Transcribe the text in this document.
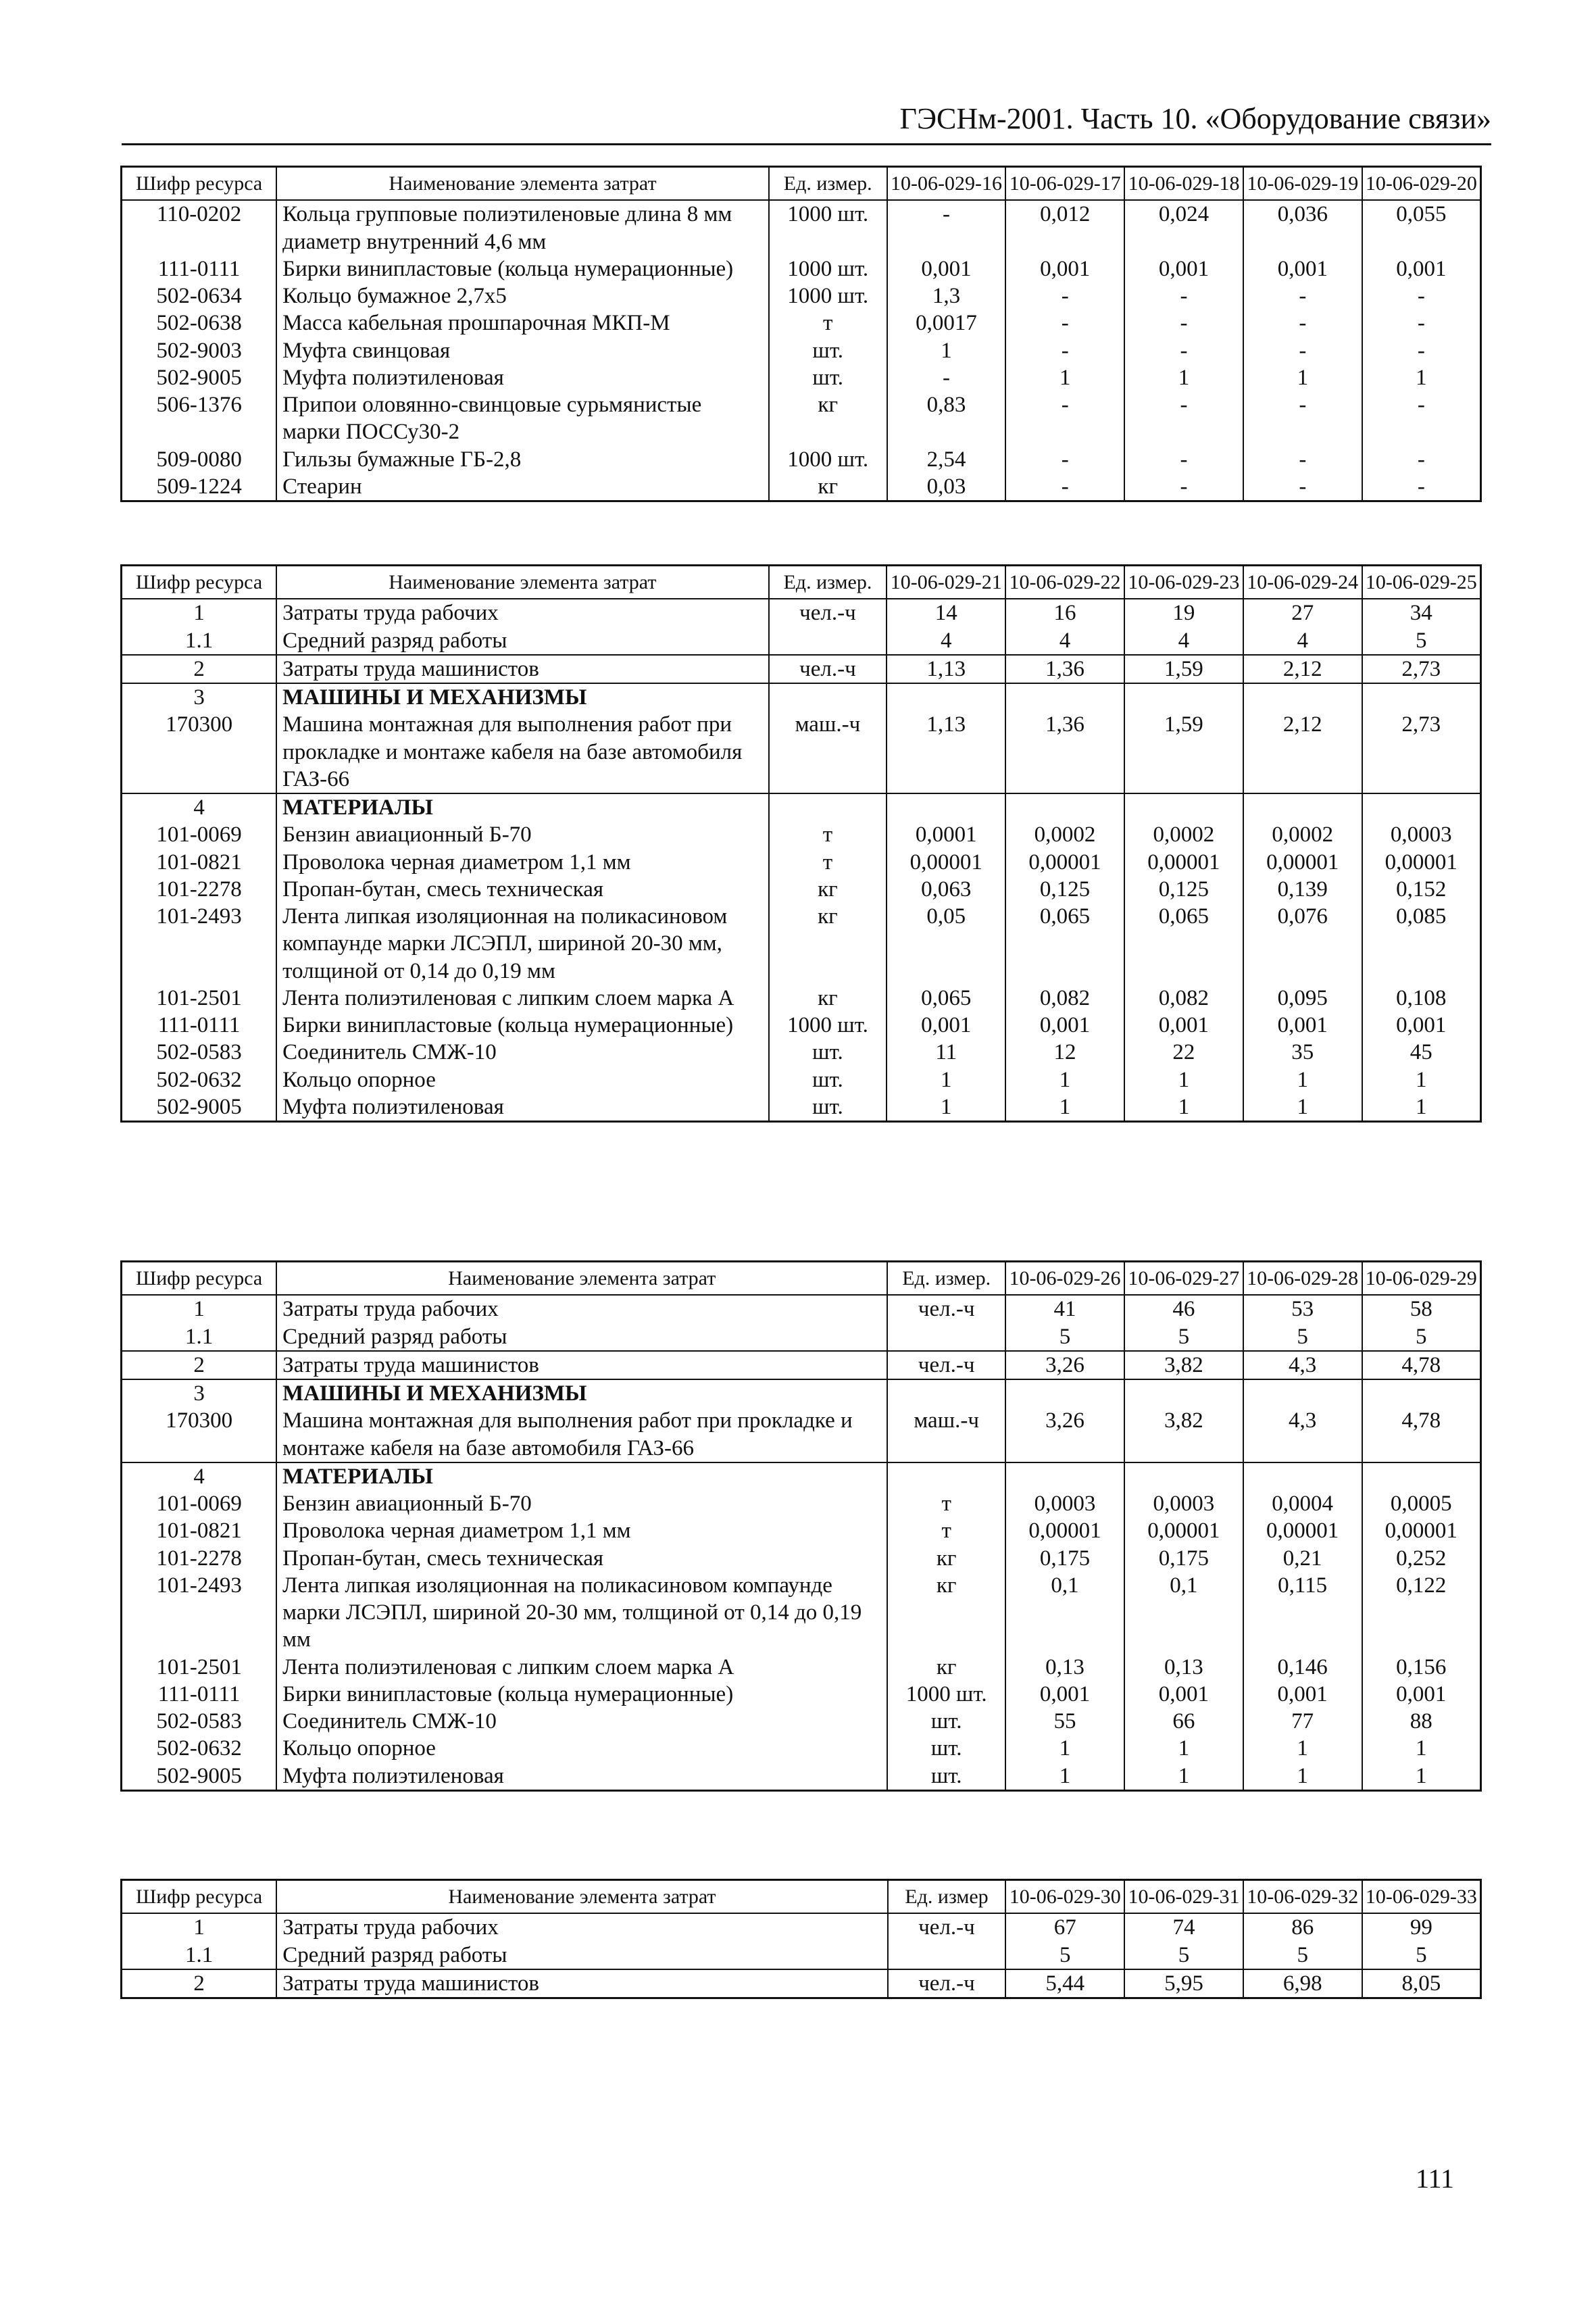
ГЭСНм-2001. Часть 10. «Оборудование связи»
Шифр ресурса	Наименование элемента затрат	Ед. измер.	10-06-029-16	10-06-029-17	10-06-029-18	10-06-029-19	10-06-029-20
110-0202	Кольца групповые полиэтиленовые длина 8 мм диаметр внутренний 4,6 мм	1000 шт.	-	0,012	0,024	0,036	0,055
111-0111	Бирки винипластовые (кольца нумерационные)	1000 шт.	0,001	0,001	0,001	0,001	0,001
502-0634	Кольцо бумажное 2,7х5	1000 шт.	1,3	-	-	-	-
502-0638	Масса кабельная прошпарочная МКП-М	т	0,0017	-	-	-	-
502-9003	Муфта свинцовая	шт.	1	-	-	-	-
502-9005	Муфта полиэтиленовая	шт.	-	1	1	1	1
506-1376	Припои оловянно-свинцовые сурьмянистые марки ПОССу30-2	кг	0,83	-	-	-	-
509-0080	Гильзы бумажные ГБ-2,8	1000 шт.	2,54	-	-	-	-
509-1224	Стеарин	кг	0,03	-	-	-	-
Шифр ресурса	Наименование элемента затрат	Ед. измер.	10-06-029-21	10-06-029-22	10-06-029-23	10-06-029-24	10-06-029-25
1	Затраты труда рабочих	чел.-ч	14	16	19	27	34
1.1	Средний разряд работы		4	4	4	4	5
2	Затраты труда машинистов	чел.-ч	1,13	1,36	1,59	2,12	2,73
3	МАШИНЫ И МЕХАНИЗМЫ						
170300	Машина монтажная для выполнения работ при прокладке и монтаже кабеля на базе автомобиля ГАЗ-66	маш.-ч	1,13	1,36	1,59	2,12	2,73
4	МАТЕРИАЛЫ						
101-0069	Бензин авиационный Б-70	т	0,0001	0,0002	0,0002	0,0002	0,0003
101-0821	Проволока черная диаметром 1,1 мм	т	0,00001	0,00001	0,00001	0,00001	0,00001
101-2278	Пропан-бутан, смесь техническая	кг	0,063	0,125	0,125	0,139	0,152
101-2493	Лента липкая изоляционная на поликасиновом компаунде марки ЛСЭПЛ, шириной 20-30 мм, толщиной от 0,14 до 0,19 мм	кг	0,05	0,065	0,065	0,076	0,085
101-2501	Лента полиэтиленовая с липким слоем марка А	кг	0,065	0,082	0,082	0,095	0,108
111-0111	Бирки винипластовые (кольца нумерационные)	1000 шт.	0,001	0,001	0,001	0,001	0,001
502-0583	Соединитель СМЖ-10	шт.	11	12	22	35	45
502-0632	Кольцо опорное	шт.	1	1	1	1	1
502-9005	Муфта полиэтиленовая	шт.	1	1	1	1	1
Шифр ресурса	Наименование элемента затрат	Ед. измер.	10-06-029-26	10-06-029-27	10-06-029-28	10-06-029-29
1	Затраты труда рабочих	чел.-ч	41	46	53	58
1.1	Средний разряд работы		5	5	5	5
2	Затраты труда машинистов	чел.-ч	3,26	3,82	4,3	4,78
3	МАШИНЫ И МЕХАНИЗМЫ					
170300	Машина монтажная для выполнения работ при прокладке и монтаже кабеля на базе автомобиля ГАЗ-66	маш.-ч	3,26	3,82	4,3	4,78
4	МАТЕРИАЛЫ					
101-0069	Бензин авиационный Б-70	т	0,0003	0,0003	0,0004	0,0005
101-0821	Проволока черная диаметром 1,1 мм	т	0,00001	0,00001	0,00001	0,00001
101-2278	Пропан-бутан, смесь техническая	кг	0,175	0,175	0,21	0,252
101-2493	Лента липкая изоляционная на поликасиновом компаунде марки ЛСЭПЛ, шириной 20-30 мм, толщиной от 0,14 до 0,19 мм	кг	0,1	0,1	0,115	0,122
101-2501	Лента полиэтиленовая с липким слоем марка А	кг	0,13	0,13	0,146	0,156
111-0111	Бирки винипластовые (кольца нумерационные)	1000 шт.	0,001	0,001	0,001	0,001
502-0583	Соединитель СМЖ-10	шт.	55	66	77	88
502-0632	Кольцо опорное	шт.	1	1	1	1
502-9005	Муфта полиэтиленовая	шт.	1	1	1	1
Шифр ресурса	Наименование элемента затрат	Ед. измер	10-06-029-30	10-06-029-31	10-06-029-32	10-06-029-33
1	Затраты труда рабочих	чел.-ч	67	74	86	99
1.1	Средний разряд работы		5	5	5	5
2	Затраты труда машинистов	чел.-ч	5,44	5,95	6,98	8,05
111
